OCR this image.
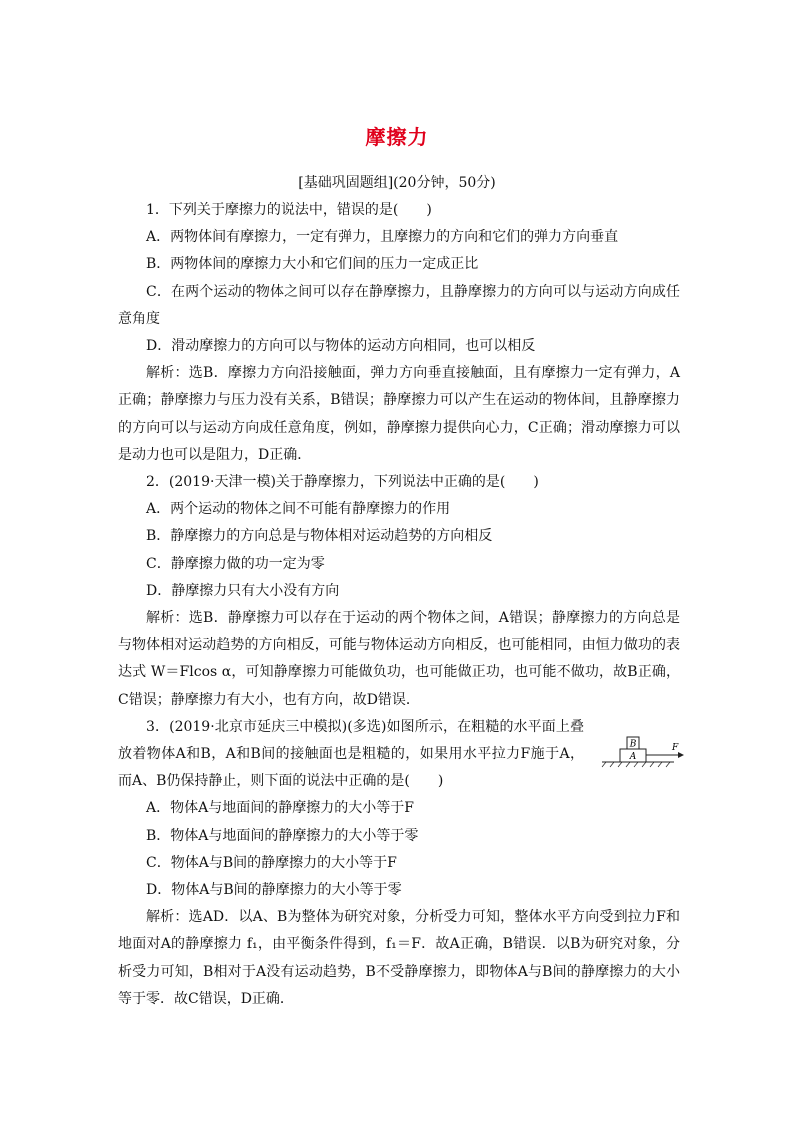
摩擦力
[基础巩固题组](20分钟，50分)

1．下列关于摩擦力的说法中，错误的是(　　)

A．两物体间有摩擦力，一定有弹力，且摩擦力的方向和它们的弹力方向垂直

B．两物体间的摩擦力大小和它们间的压力一定成正比

C．在两个运动的物体之间可以存在静摩擦力，且静摩擦力的方向可以与运动方向成任意角度

D．滑动摩擦力的方向可以与物体的运动方向相同，也可以相反

解析：选B．摩擦力方向沿接触面，弹力方向垂直接触面，且有摩擦力一定有弹力，A正确；静摩擦力与压力没有关系，B错误；静摩擦力可以产生在运动的物体间，且静摩擦力的方向可以与运动方向成任意角度，例如，静摩擦力提供向心力，C正确；滑动摩擦力可以是动力也可以是阻力，D正确．

2．(2019·天津一模)关于静摩擦力，下列说法中正确的是(　　)

A．两个运动的物体之间不可能有静摩擦力的作用

B．静摩擦力的方向总是与物体相对运动趋势的方向相反

C．静摩擦力做的功一定为零

D．静摩擦力只有大小没有方向

解析：选B．静摩擦力可以存在于运动的两个物体之间，A错误；静摩擦力的方向总是与物体相对运动趋势的方向相反，可能与物体运动方向相反，也可能相同，由恒力做功的表达式 W＝Flcos α，可知静摩擦力可能做负功，也可能做正功，也可能不做功，故B正确，C错误；静摩擦力有大小，也有方向，故D错误．

B
A
F

3．(2019·北京市延庆三中模拟)(多选)如图所示，在粗糙的水平面上叠放着物体A和B，A和B间的接触面也是粗糙的，如果用水平拉力F施于A，而A、B仍保持静止，则下面的说法中正确的是(　　)

A．物体A与地面间的静摩擦力的大小等于F

B．物体A与地面间的静摩擦力的大小等于零

C．物体A与B间的静摩擦力的大小等于F

D．物体A与B间的静摩擦力的大小等于零

解析：选AD．以A、B为整体为研究对象，分析受力可知，整体水平方向受到拉力F和地面对A的静摩擦力 f₁，由平衡条件得到，f₁＝F．故A正确，B错误．以B为研究对象，分析受力可知，B相对于A没有运动趋势，B不受静摩擦力，即物体A与B间的静摩擦力的大小等于零．故C错误，D正确．
